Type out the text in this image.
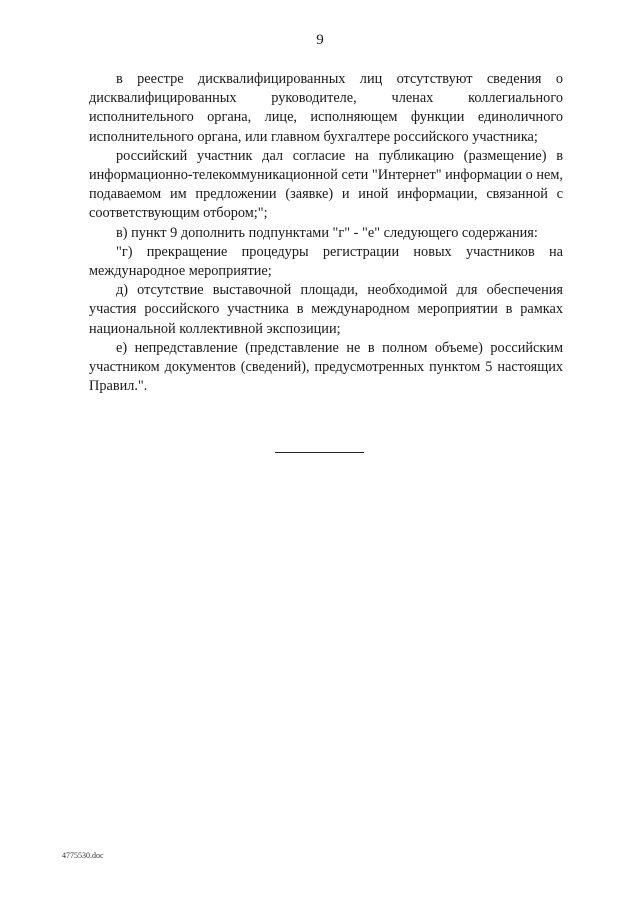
9

в реестре дисквалифицированных лиц отсутствуют сведения о дисквалифицированных руководителе, членах коллегиального исполнительного органа, лице, исполняющем функции единоличного исполнительного органа, или главном бухгалтере российского участника;

российский участник дал согласие на публикацию (размещение) в информационно-телекоммуникационной сети "Интернет" информации о нем, подаваемом им предложении (заявке) и иной информации, связанной с соответствующим отбором;";

в) пункт 9 дополнить подпунктами "г" - "е" следующего содержания:

"г) прекращение процедуры регистрации новых участников на международное мероприятие;

д) отсутствие выставочной площади, необходимой для обеспечения участия российского участника в международном мероприятии в рамках национальной коллективной экспозиции;

е) непредставление (представление не в полном объеме) российским участником документов (сведений), предусмотренных пунктом 5 настоящих Правил.".

4775530.doc
